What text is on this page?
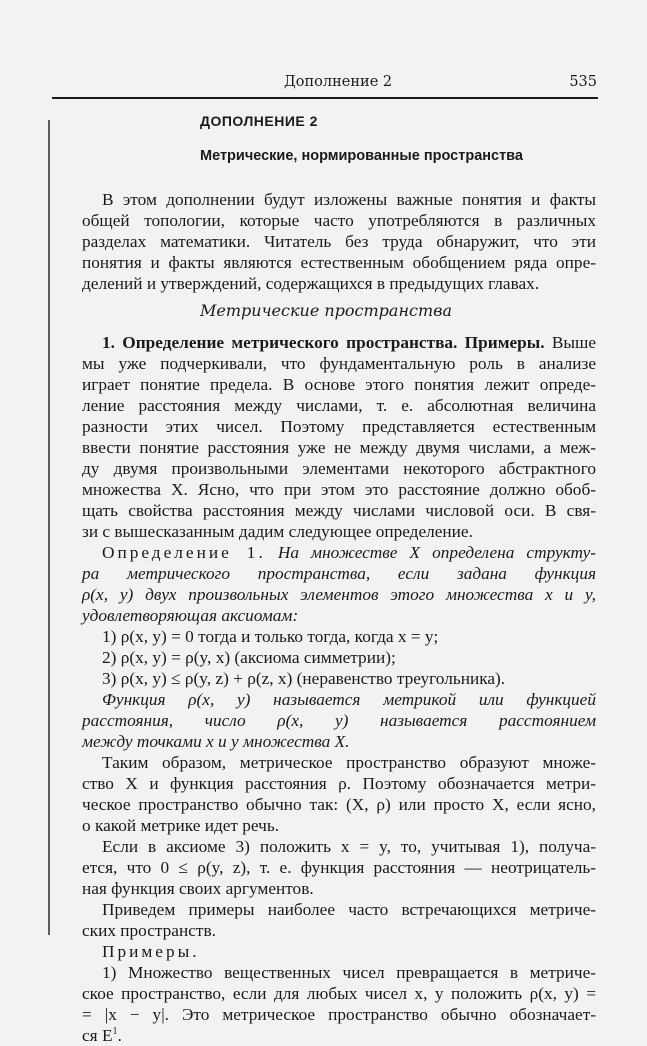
Дополнение 2	535
ДОПОЛНЕНИЕ 2
Метрические, нормированные пространства
В этом дополнении будут изложены важные понятия и факты
общей топологии, которые часто употребляются в различных
разделах математики. Читатель без труда обнаружит, что эти
понятия и факты являются естественным обобщением ряда опре-
делений и утверждений, содержащихся в предыдущих главах.
Метрические пространства
1. Определение метрического пространства. Примеры. Выше
мы уже подчеркивали, что фундаментальную роль в анализе
играет понятие предела. В основе этого понятия лежит опреде-
ление расстояния между числами, т. е. абсолютная величина
разности этих чисел. Поэтому представляется естественным
ввести понятие расстояния уже не между двумя числами, а меж-
ду двумя произвольными элементами некоторого абстрактного
множества X. Ясно, что при этом это расстояние должно обоб-
щать свойства расстояния между числами числовой оси. В свя-
зи с вышесказанным дадим следующее определение.
Определение 1. На множестве X определена структу-
ра метрического пространства, если задана функция
ρ(x, y) двух произвольных элементов этого множества x и y,
удовлетворяющая аксиомам:
1) ρ(x, y) = 0 тогда и только тогда, когда x = y;
2) ρ(x, y) = ρ(y, x) (аксиома симметрии);
3) ρ(x, y) ≤ ρ(y, z) + ρ(z, x) (неравенство треугольника).
Функция ρ(x, y) называется метрикой или функцией
расстояния, число ρ(x, y) называется расстоянием
между точками x и y множества X.
Таким образом, метрическое пространство образуют множе-
ство X и функция расстояния ρ. Поэтому обозначается метри-
ческое пространство обычно так: (X, ρ) или просто X, если ясно,
о какой метрике идет речь.
Если в аксиоме 3) положить x = y, то, учитывая 1), получа-
ется, что 0 ≤ ρ(y, z), т. е. функция расстояния — неотрицатель-
ная функция своих аргументов.
Приведем примеры наиболее часто встречающихся метриче-
ских пространств.
Примеры.
1) Множество вещественных чисел превращается в метриче-
ское пространство, если для любых чисел x, y положить ρ(x, y) =
= |x − y|. Это метрическое пространство обычно обозначает-
ся $E^1$.
